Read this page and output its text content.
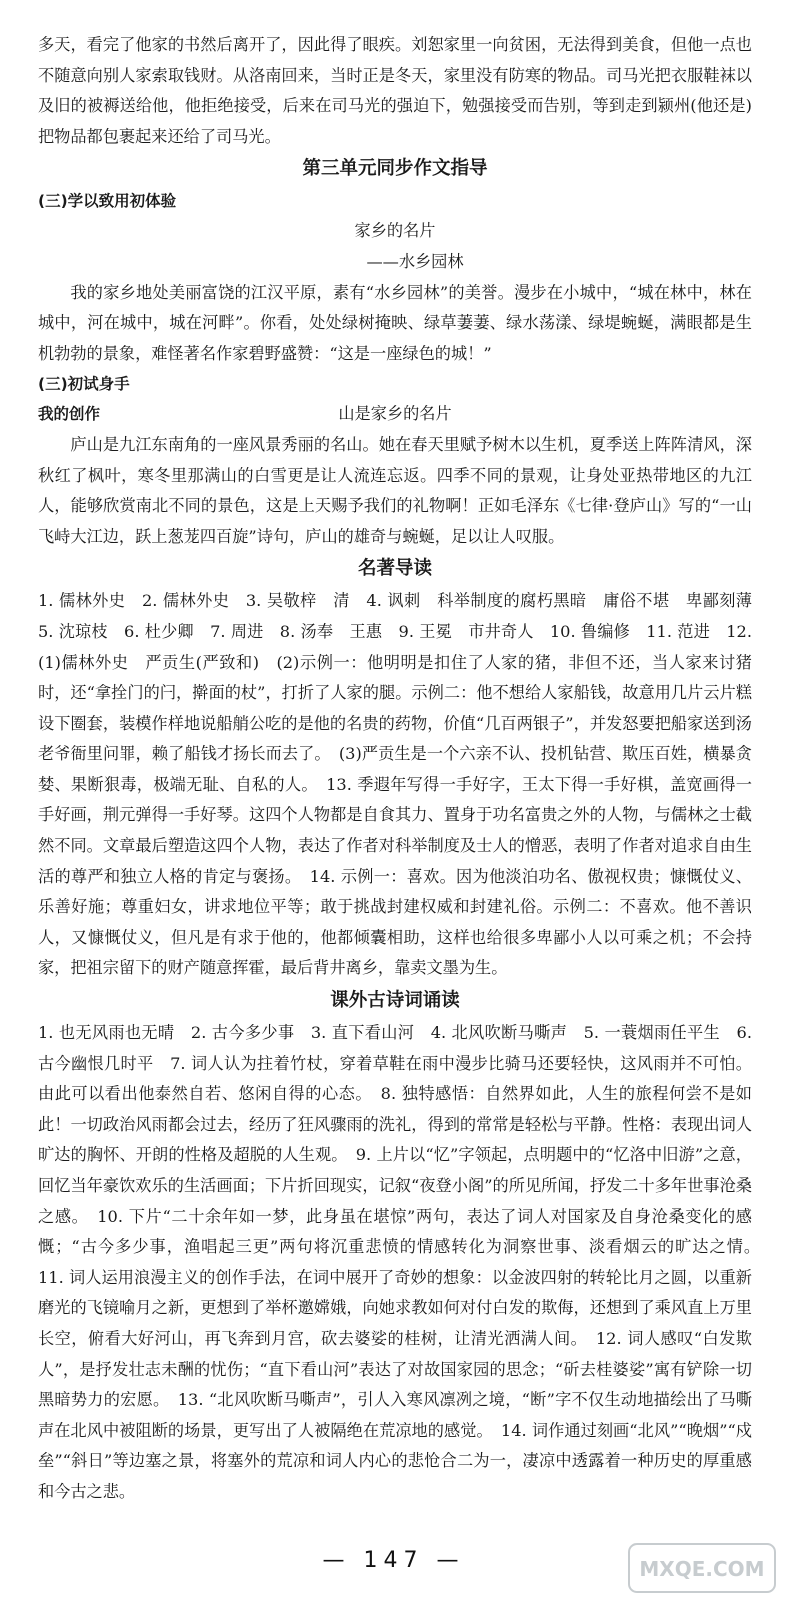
多天，看完了他家的书然后离开了，因此得了眼疾。刘恕家里一向贫困，无法得到美食，但他一点也不随意向别人家索取钱财。从洛南回来，当时正是冬天，家里没有防寒的物品。司马光把衣服鞋袜以及旧的被褥送给他，他拒绝接受，后来在司马光的强迫下，勉强接受而告别，等到走到颍州(他还是)把物品都包裹起来还给了司马光。

第三单元同步作文指导

(三)学以致用初体验

家乡的名片

——水乡园林

我的家乡地处美丽富饶的江汉平原，素有“水乡园林”的美誉。漫步在小城中，“城在林中，林在城中，河在城中，城在河畔”。你看，处处绿树掩映、绿草萋萋、绿水荡漾、绿堤蜿蜒，满眼都是生机勃勃的景象，难怪著名作家碧野盛赞：“这是一座绿色的城！”

(三)初试身手

我的创作	山是家乡的名片

庐山是九江东南角的一座风景秀丽的名山。她在春天里赋予树木以生机，夏季送上阵阵清风，深秋红了枫叶，寒冬里那满山的白雪更是让人流连忘返。四季不同的景观，让身处亚热带地区的九江人，能够欣赏南北不同的景色，这是上天赐予我们的礼物啊！正如毛泽东《七律·登庐山》写的“一山飞峙大江边，跃上葱茏四百旋”诗句，庐山的雄奇与蜿蜒，足以让人叹服。

名著导读

1. 儒林外史　2. 儒林外史　3. 吴敬梓　清　4. 讽刺　科举制度的腐朽黑暗　庸俗不堪　卑鄙刻薄　5. 沈琼枝　6. 杜少卿　7. 周进　8. 汤奉　王惠　9. 王冕　市井奇人　10. 鲁编修　11. 范进　12. (1)儒林外史　严贡生(严致和)　(2)示例一：他明明是扣住了人家的猪，非但不还，当人家来讨猪时，还“拿拴门的闩，擀面的杖”，打折了人家的腿。示例二：他不想给人家船钱，故意用几片云片糕设下圈套，装模作样地说船艄公吃的是他的名贵的药物，价值“几百两银子”，并发怒要把船家送到汤老爷衙里问罪，赖了船钱才扬长而去了。　(3)严贡生是一个六亲不认、投机钻营、欺压百姓，横暴贪婪、果断狠毒，极端无耻、自私的人。　13. 季遐年写得一手好字，王太下得一手好棋，盖宽画得一手好画，荆元弹得一手好琴。这四个人物都是自食其力、置身于功名富贵之外的人物，与儒林之士截然不同。文章最后塑造这四个人物，表达了作者对科举制度及士人的憎恶，表明了作者对追求自由生活的尊严和独立人格的肯定与褒扬。　14. 示例一：喜欢。因为他淡泊功名、傲视权贵；慷慨仗义、乐善好施；尊重妇女，讲求地位平等；敢于挑战封建权威和封建礼俗。示例二：不喜欢。他不善识人，又慷慨仗义，但凡是有求于他的，他都倾囊相助，这样也给很多卑鄙小人以可乘之机；不会持家，把祖宗留下的财产随意挥霍，最后背井离乡，靠卖文墨为生。

课外古诗词诵读

1. 也无风雨也无晴　2. 古今多少事　3. 直下看山河　4. 北风吹断马嘶声　5. 一蓑烟雨任平生　6. 古今幽恨几时平　7. 词人认为拄着竹杖，穿着草鞋在雨中漫步比骑马还要轻快，这风雨并不可怕。由此可以看出他泰然自若、悠闲自得的心态。　8. 独特感悟：自然界如此，人生的旅程何尝不是如此！一切政治风雨都会过去，经历了狂风骤雨的洗礼，得到的常常是轻松与平静。性格：表现出词人旷达的胸怀、开朗的性格及超脱的人生观。　9. 上片以“忆”字领起，点明题中的“忆洛中旧游”之意，回忆当年豪饮欢乐的生活画面；下片折回现实，记叙“夜登小阁”的所见所闻，抒发二十多年世事沧桑之感。　10. 下片“二十余年如一梦，此身虽在堪惊”两句，表达了词人对国家及自身沧桑变化的感慨；“古今多少事，渔唱起三更”两句将沉重悲愤的情感转化为洞察世事、淡看烟云的旷达之情。　11. 词人运用浪漫主义的创作手法，在词中展开了奇妙的想象：以金波四射的转轮比月之圆，以重新磨光的飞镜喻月之新，更想到了举杯邀嫦娥，向她求教如何对付白发的欺侮，还想到了乘风直上万里长空，俯看大好河山，再飞奔到月宫，砍去婆娑的桂树，让清光洒满人间。　12. 词人感叹“白发欺人”，是抒发壮志未酬的忧伤；“直下看山河”表达了对故国家园的思念；“斫去桂婆娑”寓有铲除一切黑暗势力的宏愿。　13. “北风吹断马嘶声”，引人入寒风凛冽之境，“断”字不仅生动地描绘出了马嘶声在北风中被阻断的场景，更写出了人被隔绝在荒凉地的感觉。　14. 词作通过刻画“北风”“晚烟”“戍垒”“斜日”等边塞之景，将塞外的荒凉和词人内心的悲怆合二为一，凄凉中透露着一种历史的厚重感和今古之悲。

— 147 —	MXQE.COM
